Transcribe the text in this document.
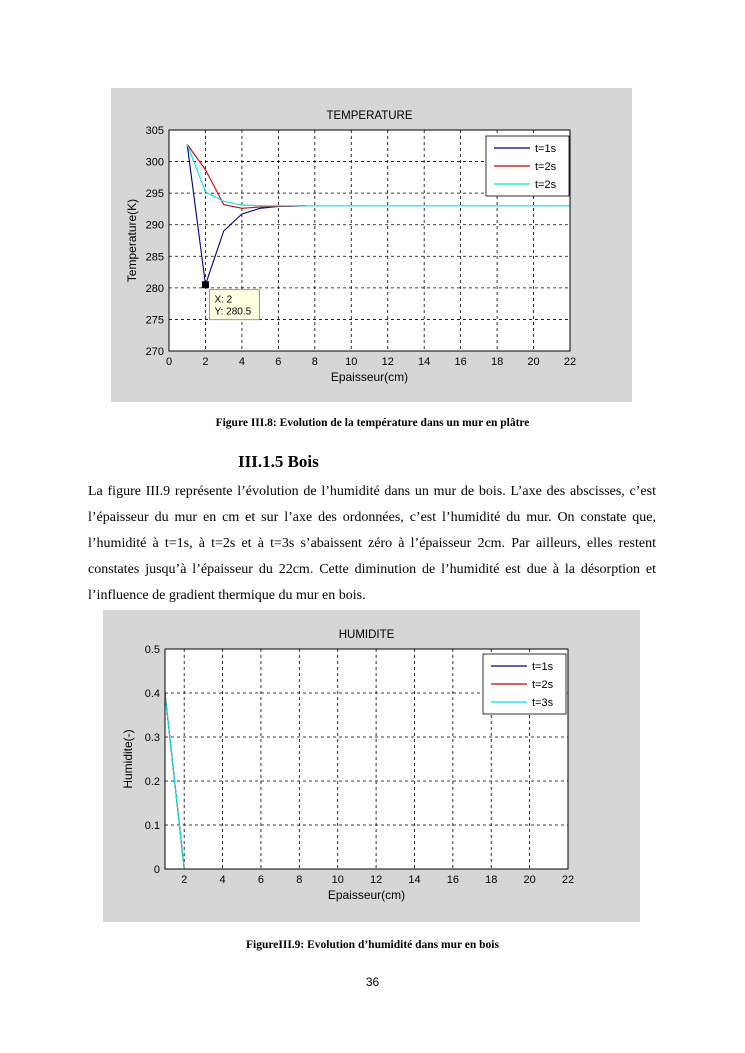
0	2	4	6	8 10 12 14 16 18 20 22
270
275
280
285
290
295
300
305
TEMPERATURE
Epaisseur(cm)
Temperature(K)
t=1s
t=2s
t=2s
X: 2
Y: 280.5
Figure III.8: Evolution de la température dans un mur en plâtre
III.1.5 Bois
La figure III.9 représente l’évolution de l’humidité dans un mur de bois. L’axe des abscisses, c’est l’épaisseur du mur en cm et sur l’axe des ordonnées, c’est l’humidité du mur. On constate que, l’humidité à t=1s, à t=2s et à t=3s s’abaissent zéro à l’épaisseur 2cm. Par ailleurs, elles restent constates jusqu’à l’épaisseur du 22cm. Cette diminution de l’humidité est due à la désorption et l’influence de gradient thermique du mur en bois.
2	4	6	8	10 12 14 16 18 20 22
0
0.1
0.2
0.3
0.4
0.5
HUMIDITE
Epaisseur(cm)
Humidite(-)
t=1s
t=2s
t=3s
FigureIII.9: Evolution d’humidité dans mur en bois
36
